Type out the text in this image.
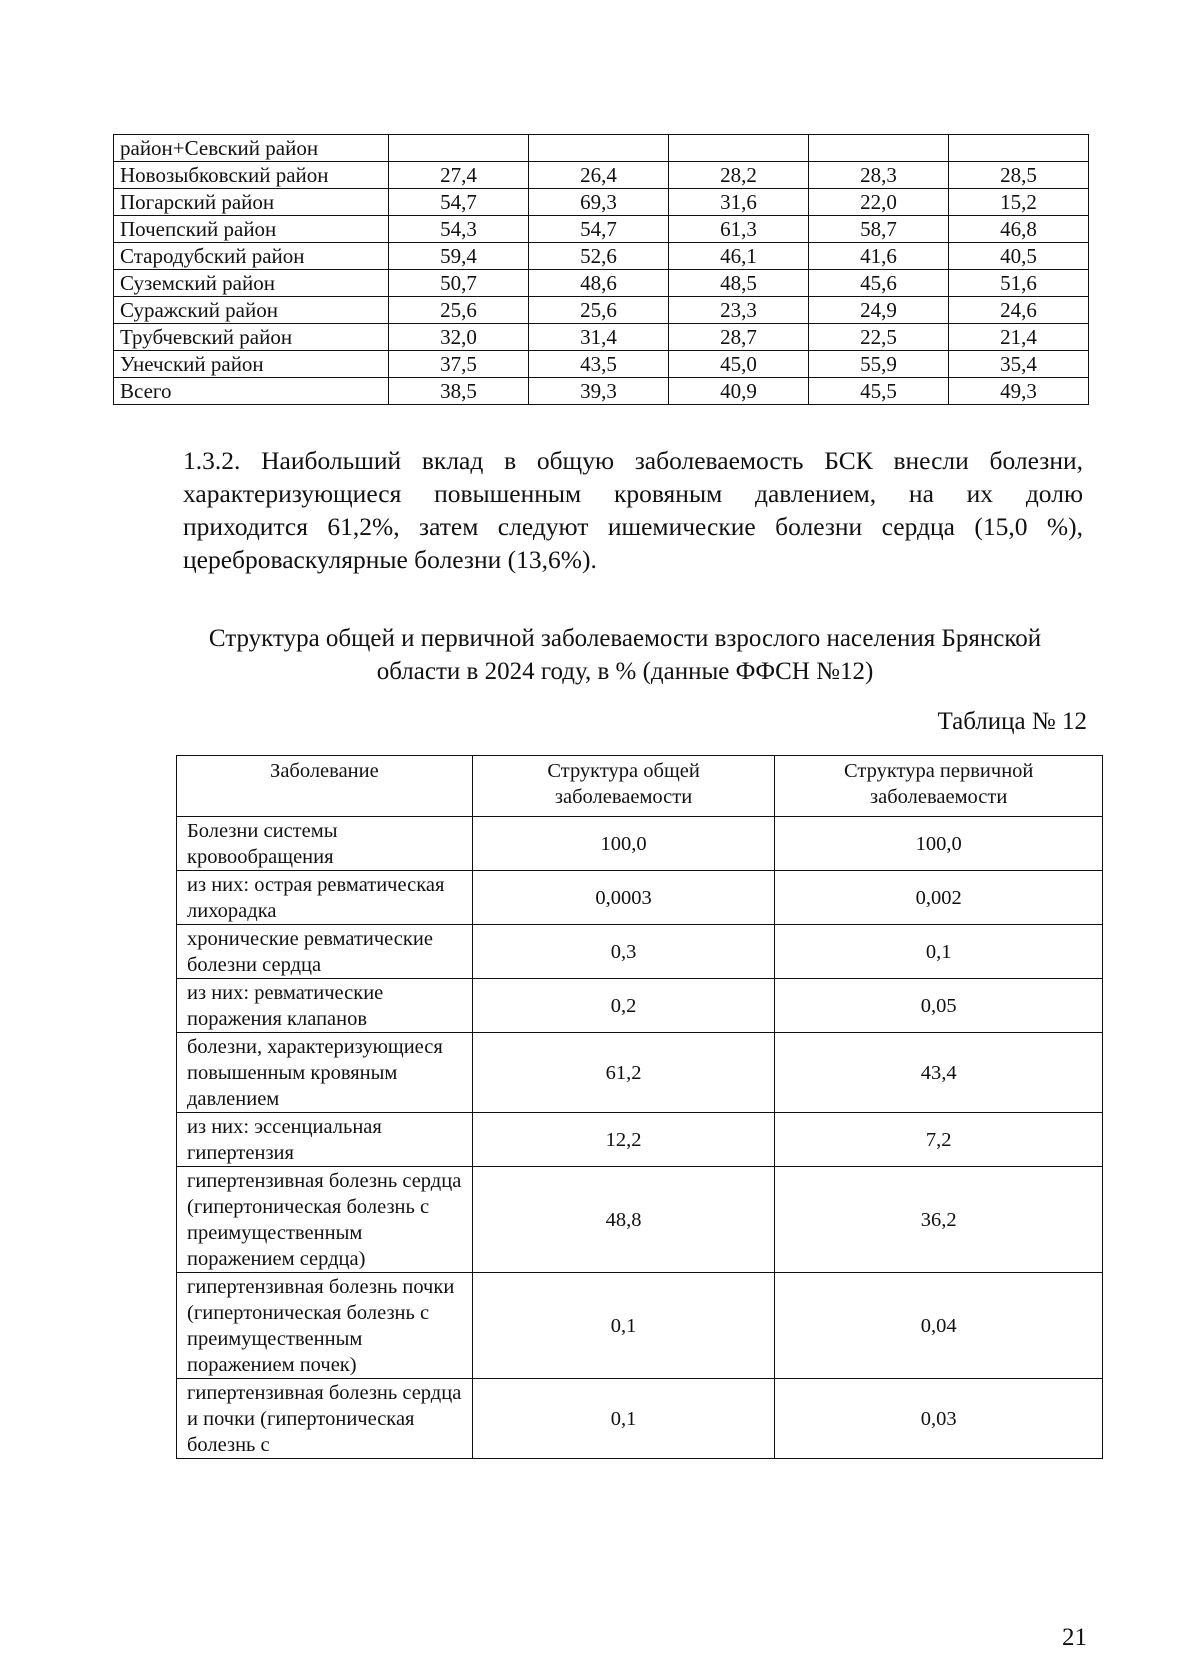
район+Севский район					
Новозыбковский район	27,4	26,4	28,2	28,3	28,5
Погарский район	54,7	69,3	31,6	22,0	15,2
Почепский район	54,3	54,7	61,3	58,7	46,8
Стародубский район	59,4	52,6	46,1	41,6	40,5
Суземский район	50,7	48,6	48,5	45,6	51,6
Суражский район	25,6	25,6	23,3	24,9	24,6
Трубчевский район	32,0	31,4	28,7	22,5	21,4
Унечский район	37,5	43,5	45,0	55,9	35,4
Всего	38,5	39,3	40,9	45,5	49,3
1.3.2. Наибольший вклад в общую заболеваемость БСК внесли болезни,
характеризующиеся повышенным кровяным давлением, на их долю
приходится 61,2%, затем следуют ишемические болезни сердца (15,0 %),
цереброваскулярные болезни (13,6%).
Структура общей и первичной заболеваемости взрослого населения Брянской
области в 2024 году, в % (данные ФФСН №12)
Таблица № 12
Заболевание	Структура общей заболеваемости	Структура первичной заболеваемости
Болезни системы кровообращения	100,0	100,0
из них: острая ревматическая лихорадка	0,0003	0,002
хронические ревматические болезни сердца	0,3	0,1
из них: ревматические поражения клапанов	0,2	0,05
болезни, характеризующиеся повышенным кровяным давлением	61,2	43,4
из них: эссенциальная гипертензия	12,2	7,2
гипертензивная болезнь сердца (гипертоническая болезнь с преимущественным поражением сердца)	48,8	36,2
гипертензивная болезнь почки (гипертоническая болезнь с преимущественным поражением почек)	0,1	0,04
гипертензивная болезнь сердца и почки (гипертоническая болезнь с	0,1	0,03
21
